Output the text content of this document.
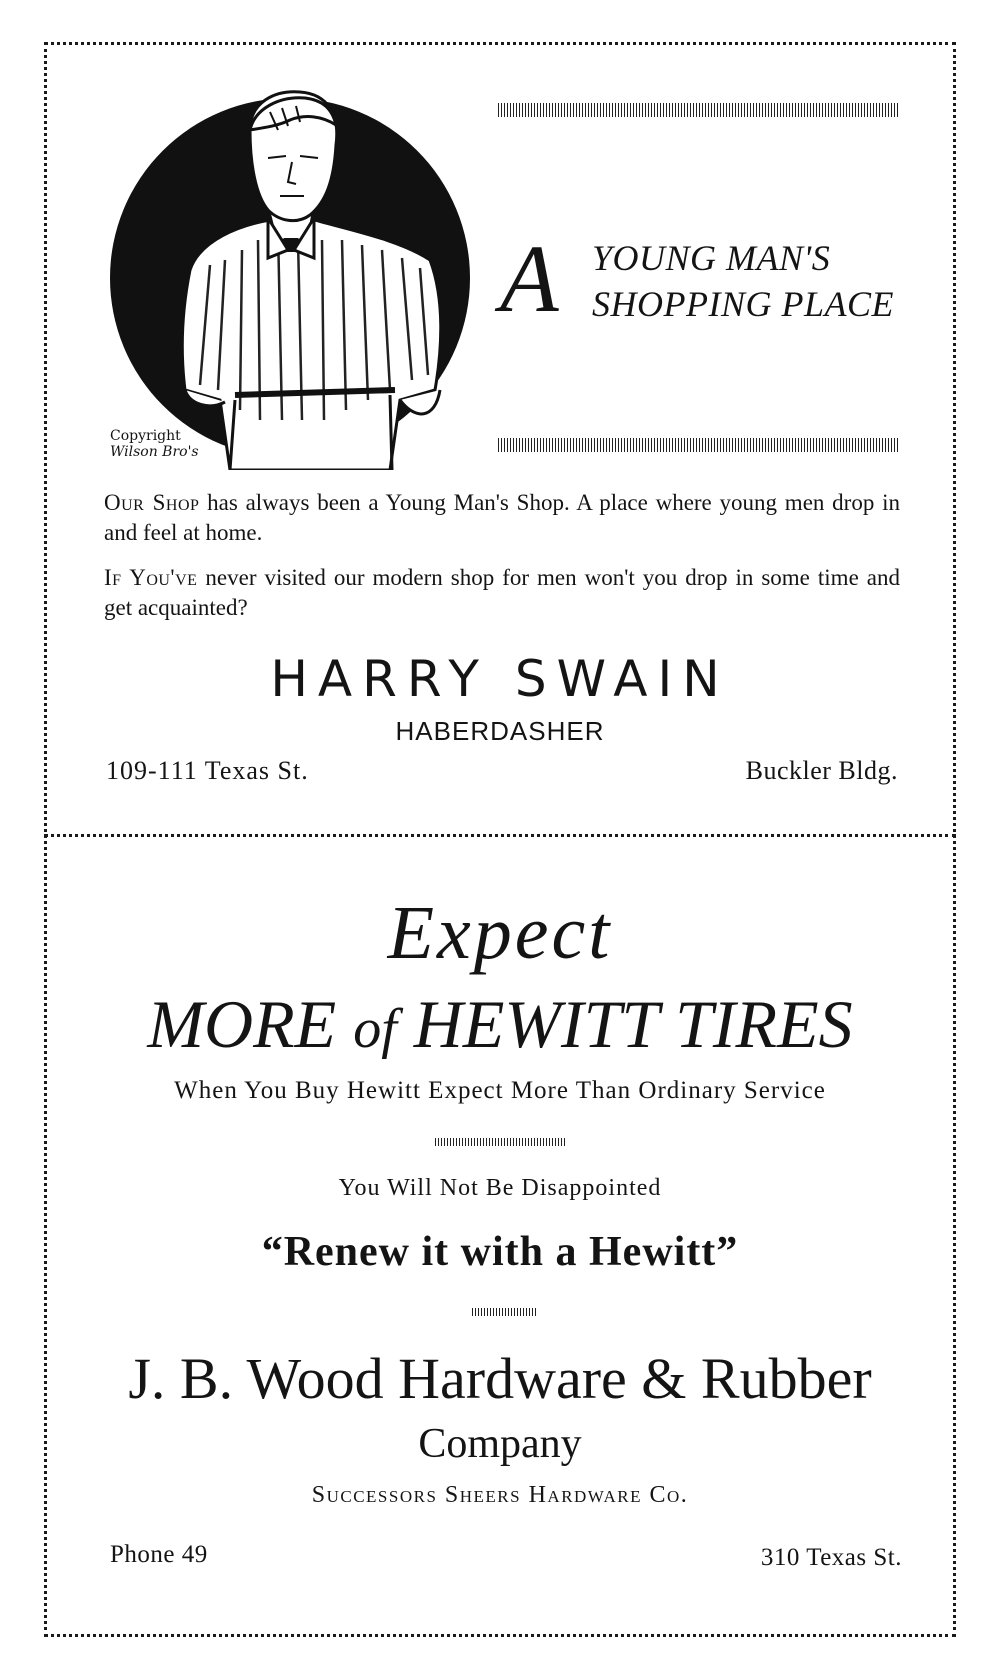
Copyright
Wilson Bro's
A YOUNG MAN'S
SHOPPING PLACE
Our Shop has always been a Young Man's Shop. A place where young men drop in and feel at home.
If You've never visited our modern shop for men won't you drop in some time and get acquainted?
HARRY SWAIN
HABERDASHER
109-111 Texas St.	Buckler Bldg.
Expect
MORE of HEWITT TIRES
When You Buy Hewitt Expect More Than Ordinary Service
You Will Not Be Disappointed
“Renew it with a Hewitt”
J. B. Wood Hardware & Rubber
Company
Successors Sheers Hardware Co.
Phone 49	310 Texas St.
